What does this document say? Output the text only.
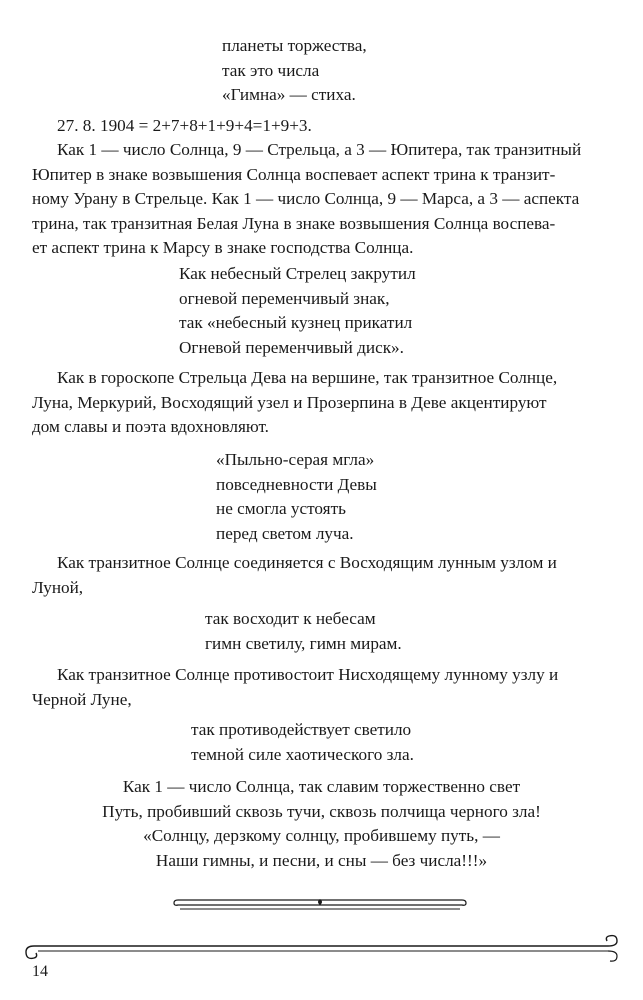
планеты торжества,
так это числа
«Гимна» — стиха.
27. 8. 1904 = 2+7+8+1+9+4=1+9+3.
Как 1 — число Солнца, 9 — Стрельца, а 3 — Юпитера, так транзитный
Юпитер в знаке возвышения Солнца воспевает аспект трина к транзит-
ному Урану в Стрельце. Как 1 — число Солнца, 9 — Марса, а 3 — аспекта
трина, так транзитная Белая Луна в знаке возвышения Солнца воспева-
ет аспект трина к Марсу в знаке господства Солнца.
Как небесный Стрелец закрутил
огневой переменчивый знак,
так «небесный кузнец прикатил
Огневой переменчивый диск».
Как в гороскопе Стрельца Дева на вершине, так транзитное Солнце,
Луна, Меркурий, Восходящий узел и Прозерпина в Деве акцентируют
дом славы и поэта вдохновляют.
«Пыльно-серая мгла»
повседневности Девы
не смогла устоять
перед светом луча.
Как транзитное Солнце соединяется с Восходящим лунным узлом и
Луной,
так восходит к небесам
гимн светилу, гимн мирам.
Как транзитное Солнце противостоит Нисходящему лунному узлу и
Черной Луне,
так противодействует светило
темной силе хаотического зла.
Как 1 — число Солнца, так славим торжественно свет
Путь, пробивший сквозь тучи, сквозь полчища черного зла!
«Солнцу, дерзкому солнцу, пробившему путь, —
Наши гимны, и песни, и сны — без числа!!!»
14
